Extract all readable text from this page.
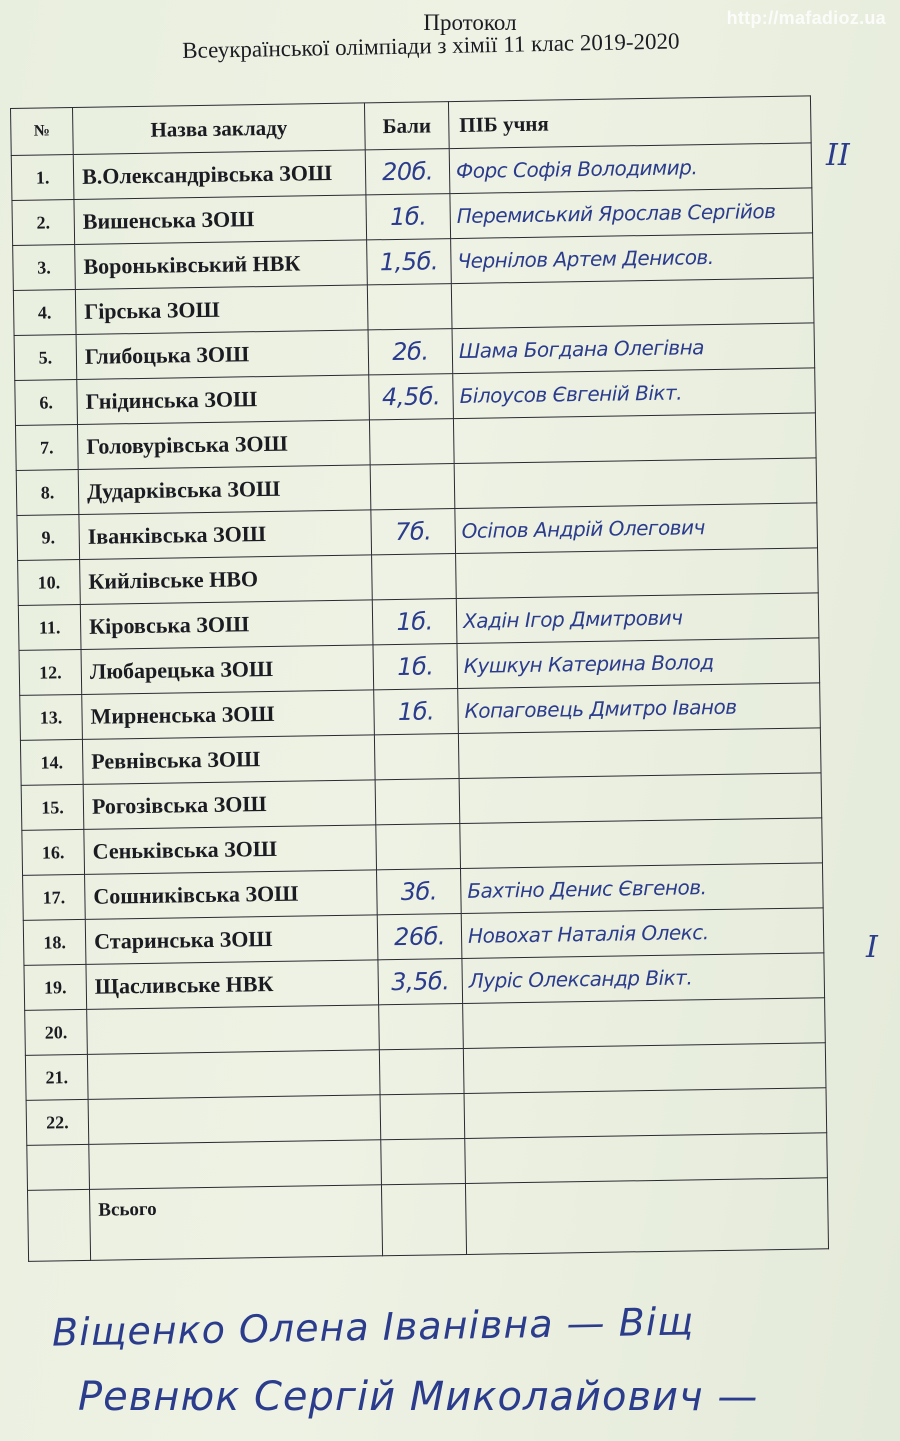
http://mafadioz.ua
Протокол
Всеукраїнської олімпіади з хімії 11 клас 2019-2020
№	Назва закладу	Бали	ПІБ учня
1.	В.Олександрівська ЗОШ	20б.	Форс Софія Володимир.
2.	Вишенська ЗОШ	1б.	Перемиський Ярослав Сергійов
3.	Вороньківський НВК	1,5б.	Чернілов Артем Денисов.
4.	Гірська ЗОШ		
5.	Глибоцька ЗОШ	2б.	Шама Богдана Олегівна
6.	Гнідинська ЗОШ	4,5б.	Білоусов Євгеній Вікт.
7.	Головурівська ЗОШ		
8.	Дударківська ЗОШ		
9.	Іванківська ЗОШ	7б.	Осіпов Андрій Олегович
10.	Кийлівське НВО		
11.	Кіровська ЗОШ	1б.	Хадін Ігор Дмитрович
12.	Любарецька ЗОШ	1б.	Кушкун Катерина Волод
13.	Мирненська ЗОШ	1б.	Копаговець Дмитро Іванов
14.	Ревнівська ЗОШ		
15.	Рогозівська ЗОШ		
16.	Сеньківська ЗОШ		
17.	Сошниківська ЗОШ	3б.	Бахтіно Денис Євгенов.
18.	Старинська ЗОШ	26б.	Новохат Наталія Олекс.
19.	Щасливське НВК	3,5б.	Луріс Олександр Вікт.
20.			
21.			
22.			

	Всього		
II
I
Віщенко Олена Іванівна — Віщ
Ревнюк Сергій Миколайович —
